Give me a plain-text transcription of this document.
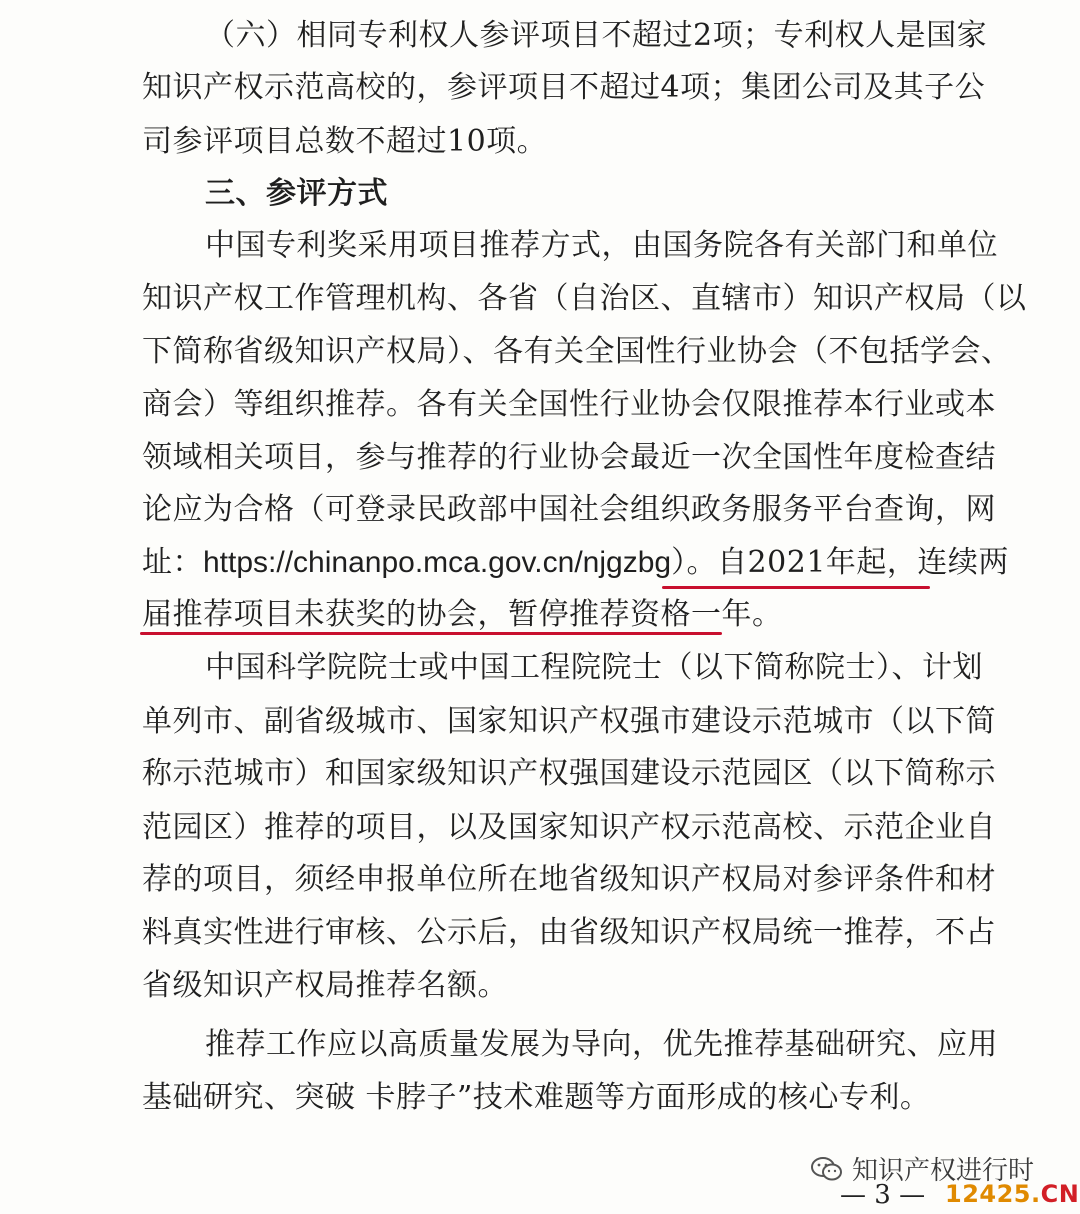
（六）相同专利权人参评项目不超过2项；专利权人是国家
知识产权示范高校的，参评项目不超过4项；集团公司及其子公
司参评项目总数不超过10项。
三、参评方式
中国专利奖采用项目推荐方式，由国务院各有关部门和单位
知识产权工作管理机构、各省（自治区、直辖市）知识产权局（以
下简称省级知识产权局）、各有关全国性行业协会（不包括学会、
商会）等组织推荐。各有关全国性行业协会仅限推荐本行业或本
领域相关项目，参与推荐的行业协会最近一次全国性年度检查结
论应为合格（可登录民政部中国社会组织政务服务平台查询，网
址：https://chinanpo.mca.gov.cn/njgzbg）。自2021年起，连续两
届推荐项目未获奖的协会，暂停推荐资格一年。
中国科学院院士或中国工程院院士（以下简称院士）、计划
单列市、副省级城市、国家知识产权强市建设示范城市（以下简
称示范城市）和国家级知识产权强国建设示范园区（以下简称示
范园区）推荐的项目，以及国家知识产权示范高校、示范企业自
荐的项目，须经申报单位所在地省级知识产权局对参评条件和材
料真实性进行审核、公示后，由省级知识产权局统一推荐，不占
省级知识产权局推荐名额。
推荐工作应以高质量发展为导向，优先推荐基础研究、应用
基础研究、突破 卡脖子”技术难题等方面形成的核心专利。
知识产权进行时
— 3 — 12425.CN
